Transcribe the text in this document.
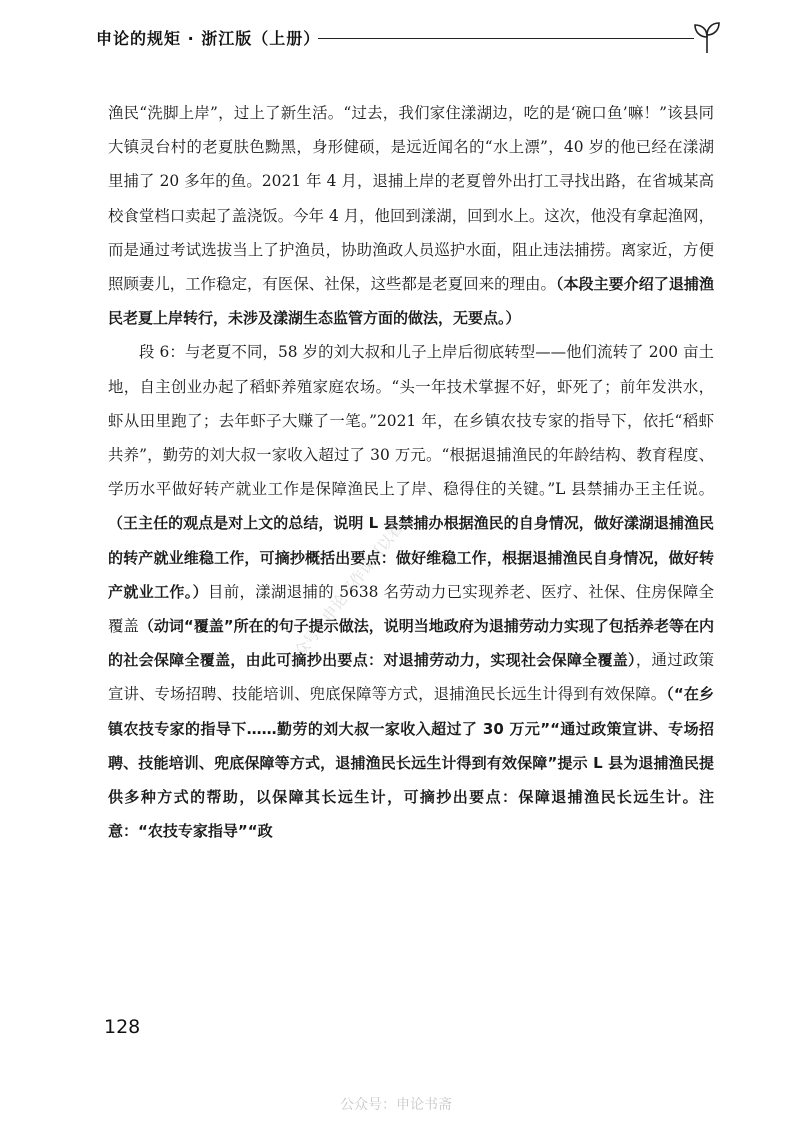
申论的规矩 · 浙江版（上册）

渔民“洗脚上岸”，过上了新生活。“过去，我们家住漾湖边，吃的是‘碗口鱼’嘛！”该县同大镇灵台村的老夏肤色黝黑，身形健硕，是远近闻名的“水上漂”，40 岁的他已经在漾湖里捕了 20 多年的鱼。2021 年 4 月，退捕上岸的老夏曾外出打工寻找出路，在省城某高校食堂档口卖起了盖浇饭。今年 4 月，他回到漾湖，回到水上。这次，他没有拿起渔网，而是通过考试选拔当上了护渔员，协助渔政人员巡护水面，阻止违法捕捞。离家近，方便照顾妻儿，工作稳定，有医保、社保，这些都是老夏回来的理由。（本段主要介绍了退捕渔民老夏上岸转行，未涉及漾湖生态监管方面的做法，无要点。）

段 6：与老夏不同，58 岁的刘大叔和儿子上岸后彻底转型——他们流转了 200 亩土地，自主创业办起了稻虾养殖家庭农场。“头一年技术掌握不好，虾死了；前年发洪水，虾从田里跑了；去年虾子大赚了一笔。”2021 年，在乡镇农技专家的指导下，依托“稻虾共养”，勤劳的刘大叔一家收入超过了 30 万元。“根据退捕渔民的年龄结构、教育程度、学历水平做好转产就业工作是保障渔民上了岸、稳得住的关键。”L 县禁捕办王主任说。（王主任的观点是对上文的总结，说明 L 县禁捕办根据渔民的自身情况，做好漾湖退捕渔民的转产就业维稳工作，可摘抄概括出要点：做好维稳工作，根据退捕渔民自身情况，做好转产就业工作。）目前，漾湖退捕的 5638 名劳动力已实现养老、医疗、社保、住房保障全覆盖（动词“覆盖”所在的句子提示做法，说明当地政府为退捕劳动力实现了包括养老等在内的社会保障全覆盖，由此可摘抄出要点：对退捕劳动力，实现社会保障全覆盖），通过政策宣讲、专场招聘、技能培训、兜底保障等方式，退捕渔民长远生计得到有效保障。（“在乡镇农技专家的指导下……勤劳的刘大叔一家收入超过了 30 万元”“通过政策宣讲、专场招聘、技能培训、兜底保障等方式，退捕渔民长远生计得到有效保障”提示 L 县为退捕渔民提供多种方式的帮助，以保障其长远生计，可摘抄出要点：保障退捕渔民长远生计。注意：“农技专家指导”“政

128
公众号：申论写作课可以看
公众号：申论书斋
